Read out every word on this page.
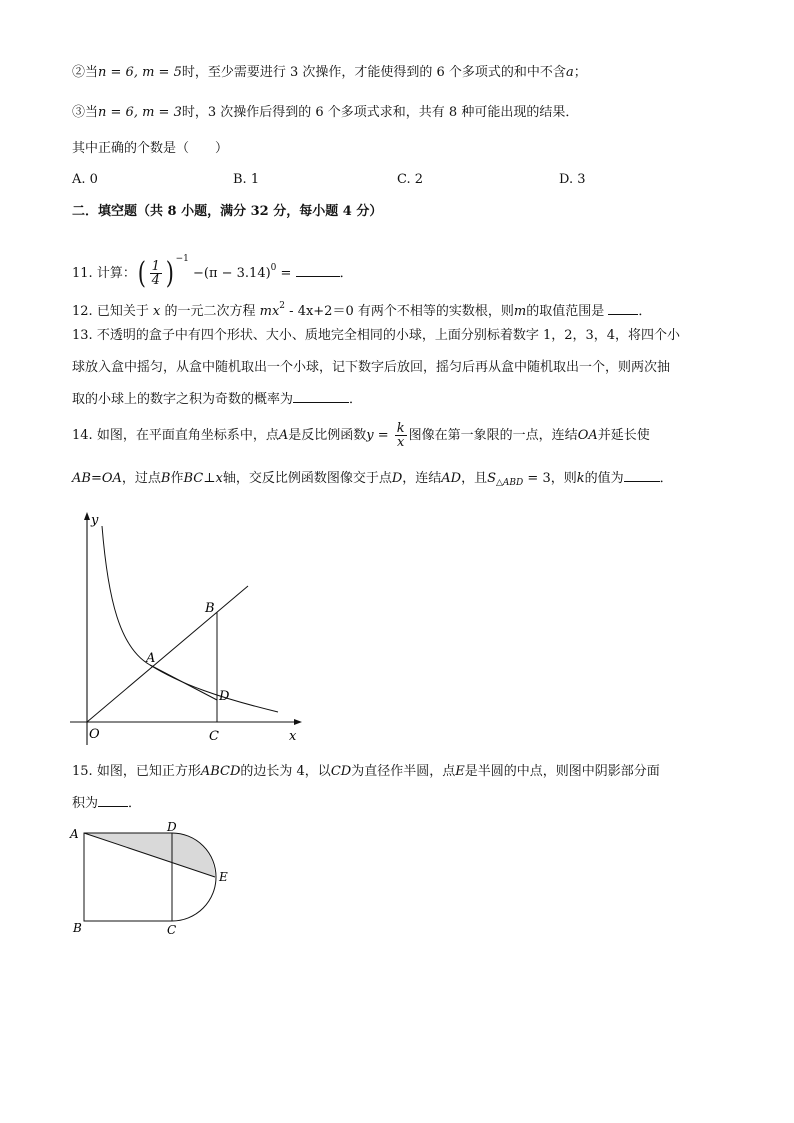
②当n = 6, m = 5时，至少需要进行 3 次操作，才能使得到的 6 个多项式的和中不含a；
③当n = 6, m = 3时，3 次操作后得到的 6 个多项式求和，共有 8 种可能出现的结果．
其中正确的个数是（　　）
A. 0	B. 1	C. 2	D. 3
二．填空题（共 8 小题，满分 32 分，每小题 4 分）
11. 计算：( $\frac{1}{4}$ ) $^{-1} -(\pi - 3.14)^0$ =	．
12. 已知关于 x 的一元二次方程 $mx^2 - 4x+2=0$ 有两个不相等的实数根，则m的取值范围是	．
13. 不透明的盒子中有四个形状、大小、质地完全相同的小球，上面分别标着数字 1，2，3，4，将四个小
球放入盒中摇匀，从盒中随机取出一个小球，记下数字后放回，摇匀后再从盒中随机取出一个，则两次抽
取的小球上的数字之积为奇数的概率为	．
14. 如图，在平面直角坐标系中，点A是反比例函数$y = \frac{k}{x}$ 图像在第一象限的一点，连结OA并延长使
AB=OA，过点B作BC⊥x轴，交反比例函数图像交于点D，连结AD，且$S_{\triangle ABD} = 3$，则k的值为	．
y
O	x
A
B
C
D
15. 如图，已知正方形ABCD的边长为 4，以CD为直径作半圆，点E是半圆的中点，则图中阴影部分面
积为 ．
A
B	C
D
E
